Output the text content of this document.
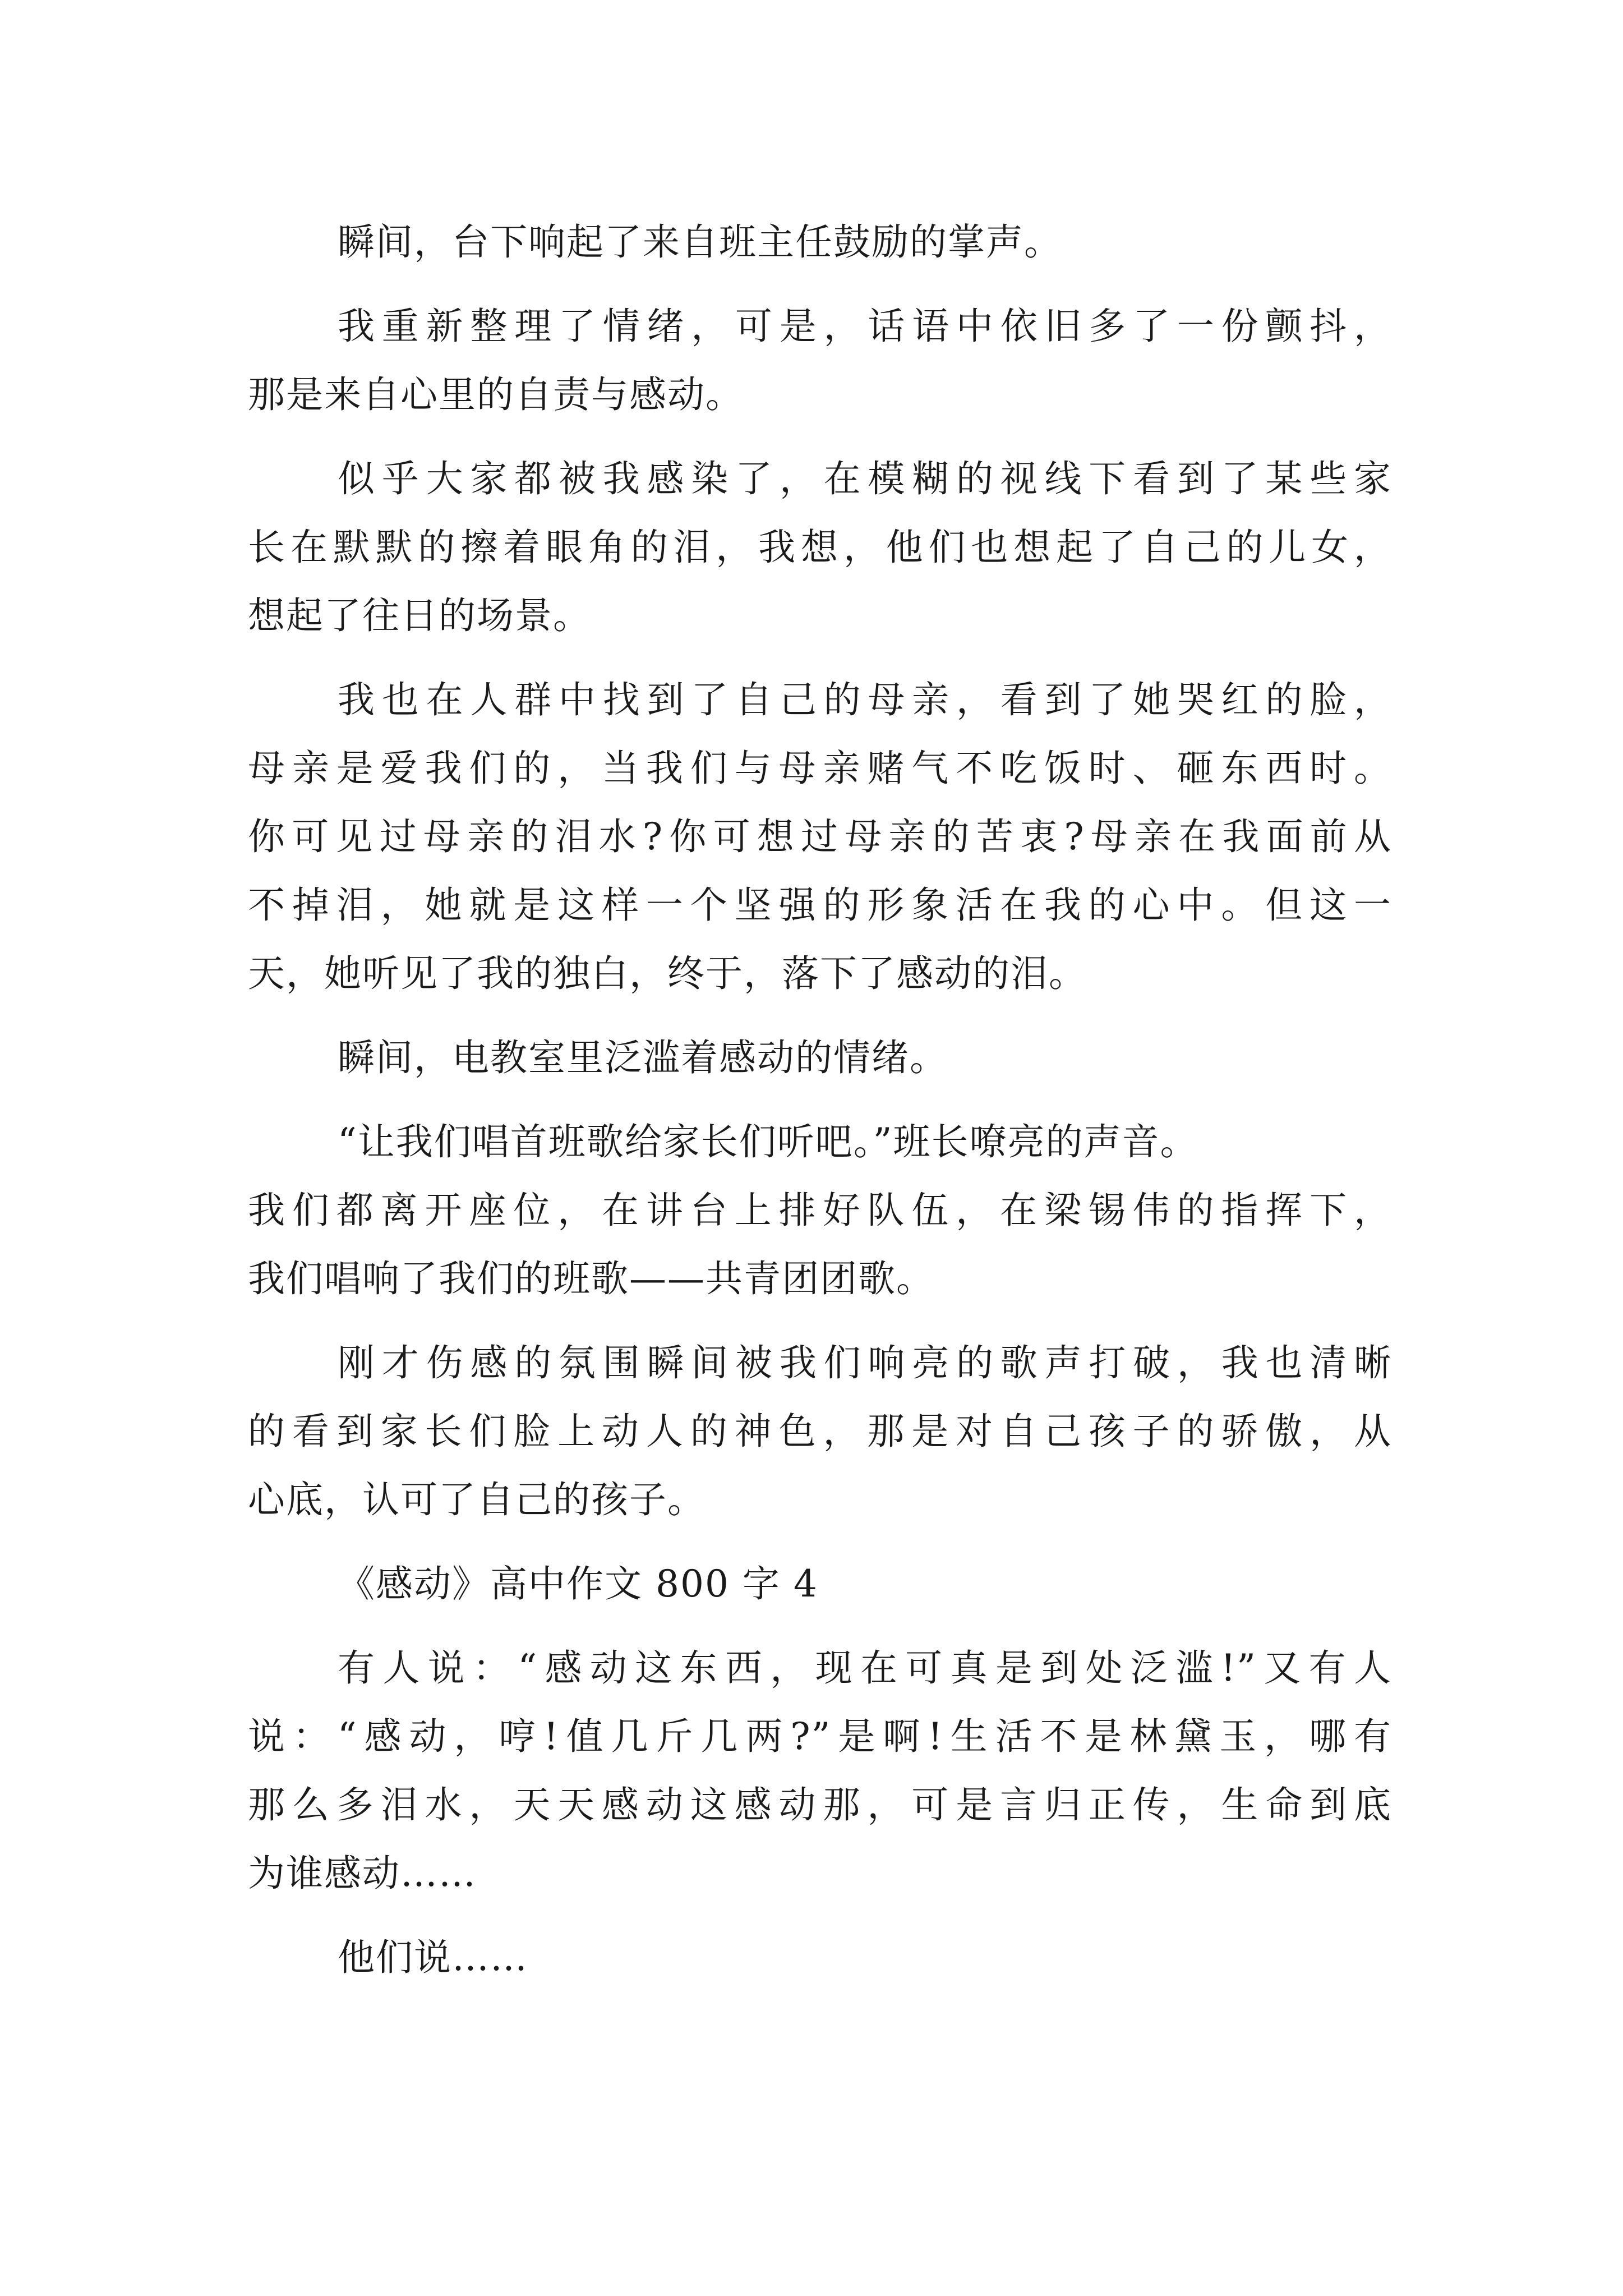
瞬间，台下响起了来自班主任鼓励的掌声。
我重新整理了情绪，可是，话语中依旧多了一份颤抖，
那是来自心里的自责与感动。
似乎大家都被我感染了，在模糊的视线下看到了某些家
长在默默的擦着眼角的泪，我想，他们也想起了自己的儿女，
想起了往日的场景。
我也在人群中找到了自己的母亲，看到了她哭红的脸，
母亲是爱我们的，当我们与母亲赌气不吃饭时、砸东西时。
你可见过母亲的泪水?你可想过母亲的苦衷?母亲在我面前从
不掉泪，她就是这样一个坚强的形象活在我的心中。但这一
天，她听见了我的独白，终于，落下了感动的泪。
瞬间，电教室里泛滥着感动的情绪。
“让我们唱首班歌给家长们听吧。”班长嘹亮的声音。
我们都离开座位，在讲台上排好队伍，在梁锡伟的指挥下，
我们唱响了我们的班歌——共青团团歌。
刚才伤感的氛围瞬间被我们响亮的歌声打破，我也清晰
的看到家长们脸上动人的神色，那是对自己孩子的骄傲，从
心底，认可了自己的孩子。
《感动》高中作文 800 字 4
有人说：“感动这东西，现在可真是到处泛滥!”又有人
说：“感动，哼!值几斤几两?”是啊!生活不是林黛玉，哪有
那么多泪水，天天感动这感动那，可是言归正传，生命到底
为谁感动……
他们说……
